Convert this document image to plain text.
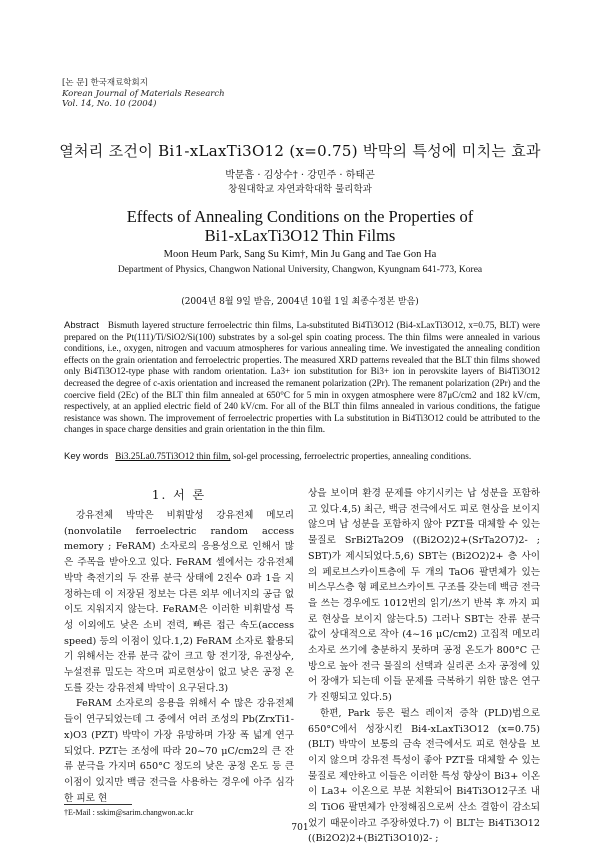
[논 문] 한국재료학회지
Korean Journal of Materials Research
Vol. 14, No. 10 (2004)
열처리 조건이 Bi1-xLaxTi3O12 (x=0.75) 박막의 특성에 미치는 효과
박문흠 · 김상수† · 강민주 · 하태곤
창원대학교 자연과학대학 물리학과
Effects of Annealing Conditions on the Properties of
Bi1-xLaxTi3O12 Thin Films
Moon Heum Park, Sang Su Kim†, Min Ju Gang and Tae Gon Ha
Department of Physics, Changwon National University, Changwon, Kyungnam 641-773, Korea
(2004년 8월 9일 받음, 2004년 10월 1일 최종수정본 받음)
Abstract Bismuth layered structure ferroelectric thin films, La-substituted Bi4Ti3O12 (Bi4-xLaxTi3O12, x=0.75, BLT) were prepared on the Pt(111)/Ti/SiO2/Si(100) substrates by a sol-gel spin coating process. The thin films were annealed in various conditions, i.e., oxygen, nitrogen and vacuum atmospheres for various annealing time. We investigated the annealing condition effects on the grain orientation and ferroelectric properties. The measured XRD patterns revealed that the BLT thin films showed only Bi4Ti3O12-type phase with random orientation. La3+ ion substitution for Bi3+ ion in perovskite layers of Bi4Ti3O12 decreased the degree of c-axis orientation and increased the remanent polarization (2Pr). The remanent polarization (2Pr) and the coercive field (2Ec) of the BLT thin film annealed at 650°C for 5 min in oxygen atmosphere were 87μC/cm2 and 182 kV/cm, respectively, at an applied electric field of 240 kV/cm. For all of the BLT thin films annealed in various conditions, the fatigue resistance was shown. The improvement of ferroelectric properties with La substitution in Bi4Ti3O12 could be attributed to the changes in space charge densities and grain orientation in the thin film.
Key words Bi3.25La0.75Ti3O12 thin film, sol-gel processing, ferroelectric properties, annealing conditions.
1. 서 론

강유전체 박막은 비휘발성 강유전체 메모리(nonvolatile ferroelectric random access memory ; FeRAM) 소자로의 응용성으로 인해서 많은 주목을 받아오고 있다. FeRAM 셀에서는 강유전체 박막 축전기의 두 잔류 분극 상태에 2진수 0과 1을 지정하는데 이 저장된 정보는 다른 외부 에너지의 공급 없이도 지워지지 않는다. FeRAM은 이러한 비휘발성 특성 이외에도 낮은 소비 전력, 빠른 접근 속도(access speed) 등의 이점이 있다.1,2) FeRAM 소자로 활용되기 위해서는 잔류 분극 값이 크고 항 전기장, 유전상수, 누설전류 밀도는 작으며 피로현상이 없고 낮은 공정 온도를 갖는 강유전체 박막이 요구된다.3)

FeRAM 소자로의 응용을 위해서 수 많은 강유전체 들이 연구되었는데 그 중에서 여러 조성의 Pb(ZrxTi1-x)O3 (PZT) 박막이 가장 유망하며 가장 폭 넓게 연구되었다. PZT는 조성에 따라 20~70 μC/cm2의 큰 잔류 분극을 가지며 650°C 정도의 낮은 공정 온도 등 큰 이점이 있지만 백금 전극을 사용하는 경우에 아주 심각한 피로 현

상을 보이며 환경 문제를 야기시키는 납 성분을 포함하고 있다.4,5) 최근, 백금 전극에서도 피로 현상을 보이지 않으며 납 성분을 포함하지 않아 PZT를 대체할 수 있는 물질로 SrBi2Ta2O9 ((Bi2O2)2+(SrTa2O7)2- ; SBT)가 제시되었다.5,6) SBT는 (Bi2O2)2+ 층 사이의 페로브스카이트층에 두 개의 TaO6 팔면체가 있는 비스무스층 형 페로브스카이트 구조를 갖는데 백금 전극을 쓰는 경우에도 1012번의 읽기/쓰기 반복 후 까지 피로 현상을 보이지 않는다.5) 그러나 SBT는 잔류 분극 값이 상대적으로 작아 (4~16 μC/cm2) 고집적 메모리 소자로 쓰기에 충분하지 못하며 공정 온도가 800°C 근방으로 높아 전극 물질의 선택과 실리콘 소자 공정에 있어 장애가 되는데 이들 문제를 극복하기 위한 많은 연구가 진행되고 있다.5)

한편, Park 등은 펄스 레이저 증착 (PLD)법으로 650°C에서 성장시킨 Bi4-xLaxTi3O12 (x=0.75) (BLT) 박막이 보통의 금속 전극에서도 피로 현상을 보이지 않으며 강유전 특성이 좋아 PZT를 대체할 수 있는 물질로 제안하고 이들은 이러한 특성 향상이 Bi3+ 이온이 La3+ 이온으로 부분 치환되어 Bi4Ti3O12구조 내의 TiO6 팔면체가 안정해짐으로써 산소 결함이 감소되었기 때문이라고 주장하였다.7) 이 BLT는 Bi4Ti3O12 ((Bi2O2)2+(Bi2Ti3O10)2- ;

†E-Mail : sskim@sarim.changwon.ac.kr
701
